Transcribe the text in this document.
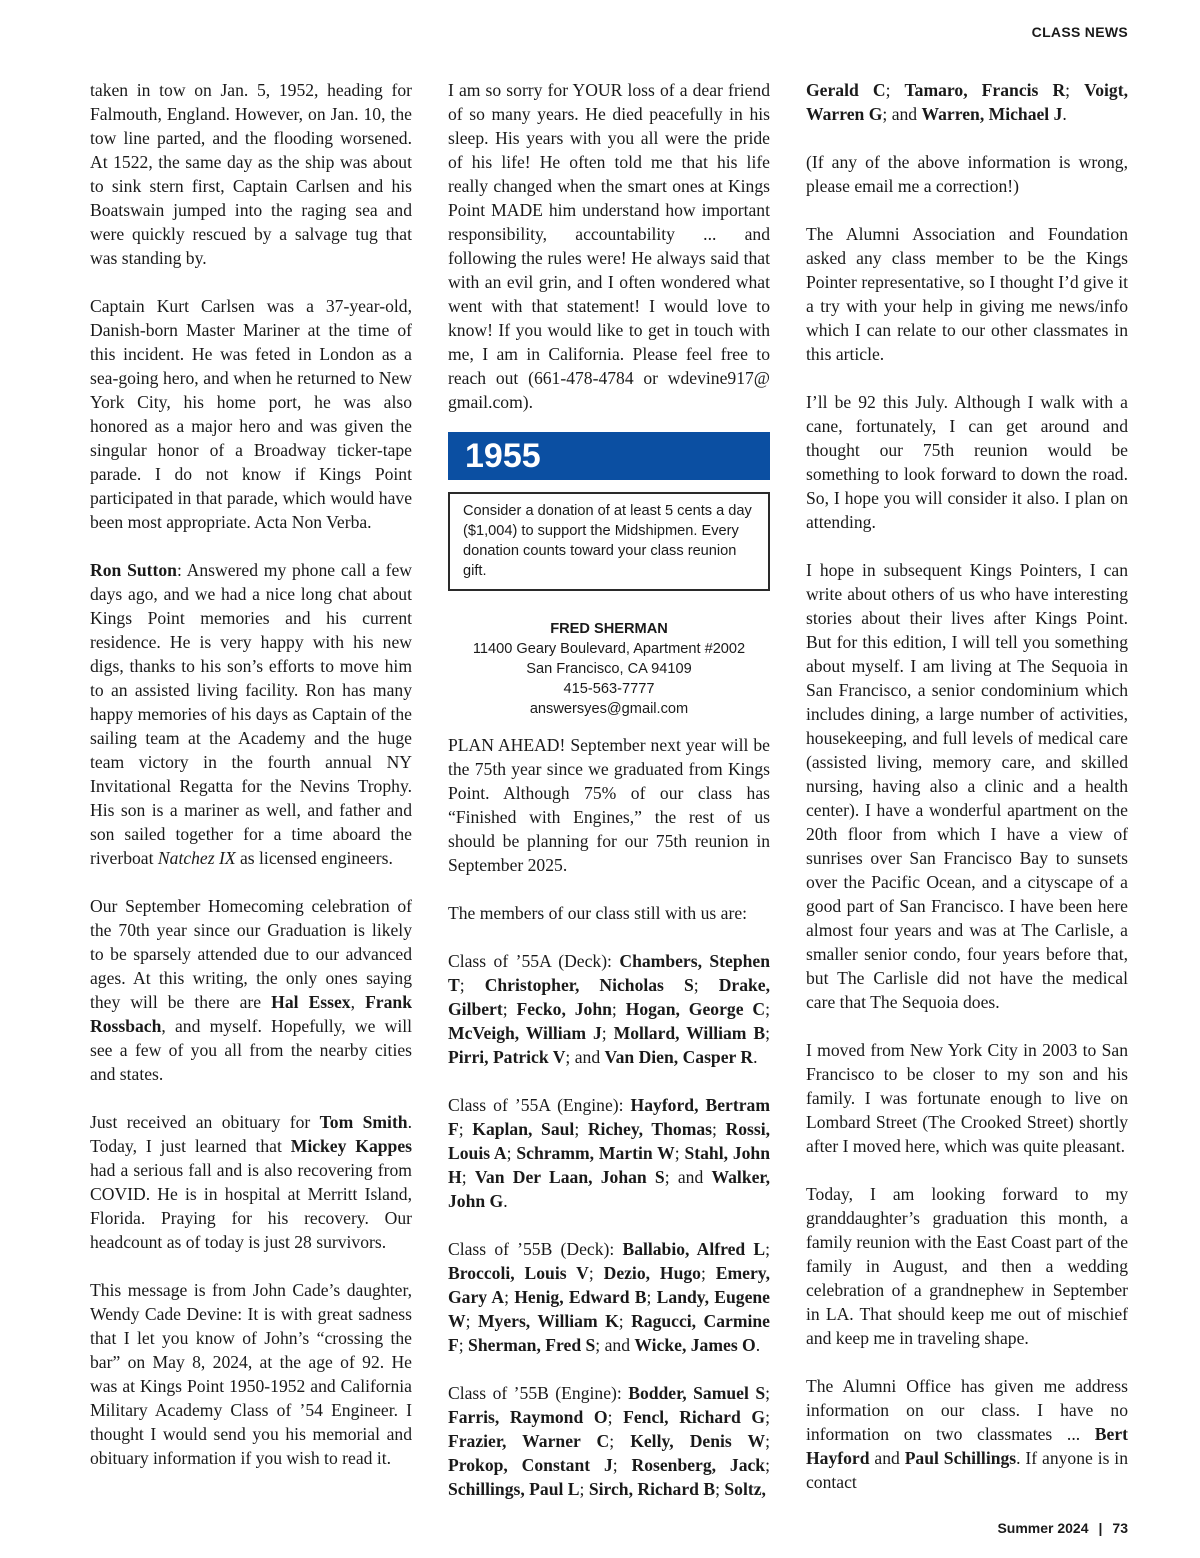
CLASS NEWS

taken in tow on Jan. 5, 1952, heading for Falmouth, England. However, on Jan. 10, the tow line parted, and the flooding worsened. At 1522, the same day as the ship was about to sink stern first, Captain Carlsen and his Boatswain jumped into the raging sea and were quickly rescued by a salvage tug that was standing by.

Captain Kurt Carlsen was a 37-year-old, Danish-born Master Mariner at the time of this incident. He was feted in London as a sea-going hero, and when he returned to New York City, his home port, he was also honored as a major hero and was given the singular honor of a Broadway ticker-tape parade. I do not know if Kings Point participated in that parade, which would have been most appropriate. Acta Non Verba.

Ron Sutton: Answered my phone call a few days ago, and we had a nice long chat about Kings Point memories and his current residence. He is very happy with his new digs, thanks to his son’s efforts to move him to an assisted living facility. Ron has many happy memories of his days as Captain of the sailing team at the Academy and the huge team victory in the fourth annual NY Invitational Regatta for the Nevins Trophy. His son is a mariner as well, and father and son sailed together for a time aboard the riverboat Natchez IX as licensed engineers.

Our September Homecoming celebration of the 70th year since our Graduation is likely to be sparsely attended due to our advanced ages. At this writing, the only ones saying they will be there are Hal Essex, Frank Rossbach, and myself. Hopefully, we will see a few of you all from the nearby cities and states.

Just received an obituary for Tom Smith. Today, I just learned that Mickey Kappes had a serious fall and is also recovering from COVID. He is in hospital at Merritt Island, Florida. Praying for his recovery. Our headcount as of today is just 28 survivors.

This message is from John Cade’s daughter, Wendy Cade Devine: It is with great sadness that I let you know of John’s “crossing the bar” on May 8, 2024, at the age of 92. He was at Kings Point 1950-1952 and California Military Academy Class of ’54 Engineer. I thought I would send you his memorial and obituary information if you wish to read it.

I am so sorry for YOUR loss of a dear friend of so many years. He died peacefully in his sleep. His years with you all were the pride of his life! He often told me that his life really changed when the smart ones at Kings Point MADE him understand how important responsibility, accountability ... and following the rules were! He always said that with an evil grin, and I often wondered what went with that statement! I would love to know! If you would like to get in touch with me, I am in California. Please feel free to reach out (661-478-4784 or wdevine917@ gmail.com).

1955
Consider a donation of at least 5 cents a day ($1,004) to support the Midshipmen. Every donation counts toward your class reunion gift.
FRED SHERMAN
11400 Geary Boulevard, Apartment #2002
San Francisco, CA 94109
415-563-7777
answersyes@gmail.com

PLAN AHEAD! September next year will be the 75th year since we graduated from Kings Point. Although 75% of our class has “Finished with Engines,” the rest of us should be planning for our 75th reunion in September 2025.

The members of our class still with us are:

Class of ’55A (Deck): Chambers, Stephen T; Christopher, Nicholas S; Drake, Gilbert; Fecko, John; Hogan, George C; McVeigh, William J; Mollard, William B; Pirri, Patrick V; and Van Dien, Casper R.

Class of ’55A (Engine): Hayford, Bertram F; Kaplan, Saul; Richey, Thomas; Rossi, Louis A; Schramm, Martin W; Stahl, John H; Van Der Laan, Johan S; and Walker, John G.

Class of ’55B (Deck): Ballabio, Alfred L; Broccoli, Louis V; Dezio, Hugo; Emery, Gary A; Henig, Edward B; Landy, Eugene W; Myers, William K; Ragucci, Carmine F; Sherman, Fred S; and Wicke, James O.

Class of ’55B (Engine): Bodder, Samuel S; Farris, Raymond O; Fencl, Richard G; Frazier, Warner C; Kelly, Denis W; Prokop, Constant J; Rosenberg, Jack; Schillings, Paul L; Sirch, Richard B; Soltz,

Gerald C; Tamaro, Francis R; Voigt, Warren G; and Warren, Michael J.

(If any of the above information is wrong, please email me a correction!)

The Alumni Association and Foundation asked any class member to be the Kings Pointer representative, so I thought I’d give it a try with your help in giving me news/info which I can relate to our other classmates in this article.

I’ll be 92 this July. Although I walk with a cane, fortunately, I can get around and thought our 75th reunion would be something to look forward to down the road. So, I hope you will consider it also. I plan on attending.

I hope in subsequent Kings Pointers, I can write about others of us who have interesting stories about their lives after Kings Point. But for this edition, I will tell you something about myself. I am living at The Sequoia in San Francisco, a senior condominium which includes dining, a large number of activities, housekeeping, and full levels of medical care (assisted living, memory care, and skilled nursing, having also a clinic and a health center). I have a wonderful apartment on the 20th floor from which I have a view of sunrises over San Francisco Bay to sunsets over the Pacific Ocean, and a cityscape of a good part of San Francisco. I have been here almost four years and was at The Carlisle, a smaller senior condo, four years before that, but The Carlisle did not have the medical care that The Sequoia does.

I moved from New York City in 2003 to San Francisco to be closer to my son and his family. I was fortunate enough to live on Lombard Street (The Crooked Street) shortly after I moved here, which was quite pleasant.

Today, I am looking forward to my granddaughter’s graduation this month, a family reunion with the East Coast part of the family in August, and then a wedding celebration of a grandnephew in September in LA. That should keep me out of mischief and keep me in traveling shape.

The Alumni Office has given me address information on our class. I have no information on two classmates ... Bert Hayford and Paul Schillings. If anyone is in contact

Summer 2024 | 73
